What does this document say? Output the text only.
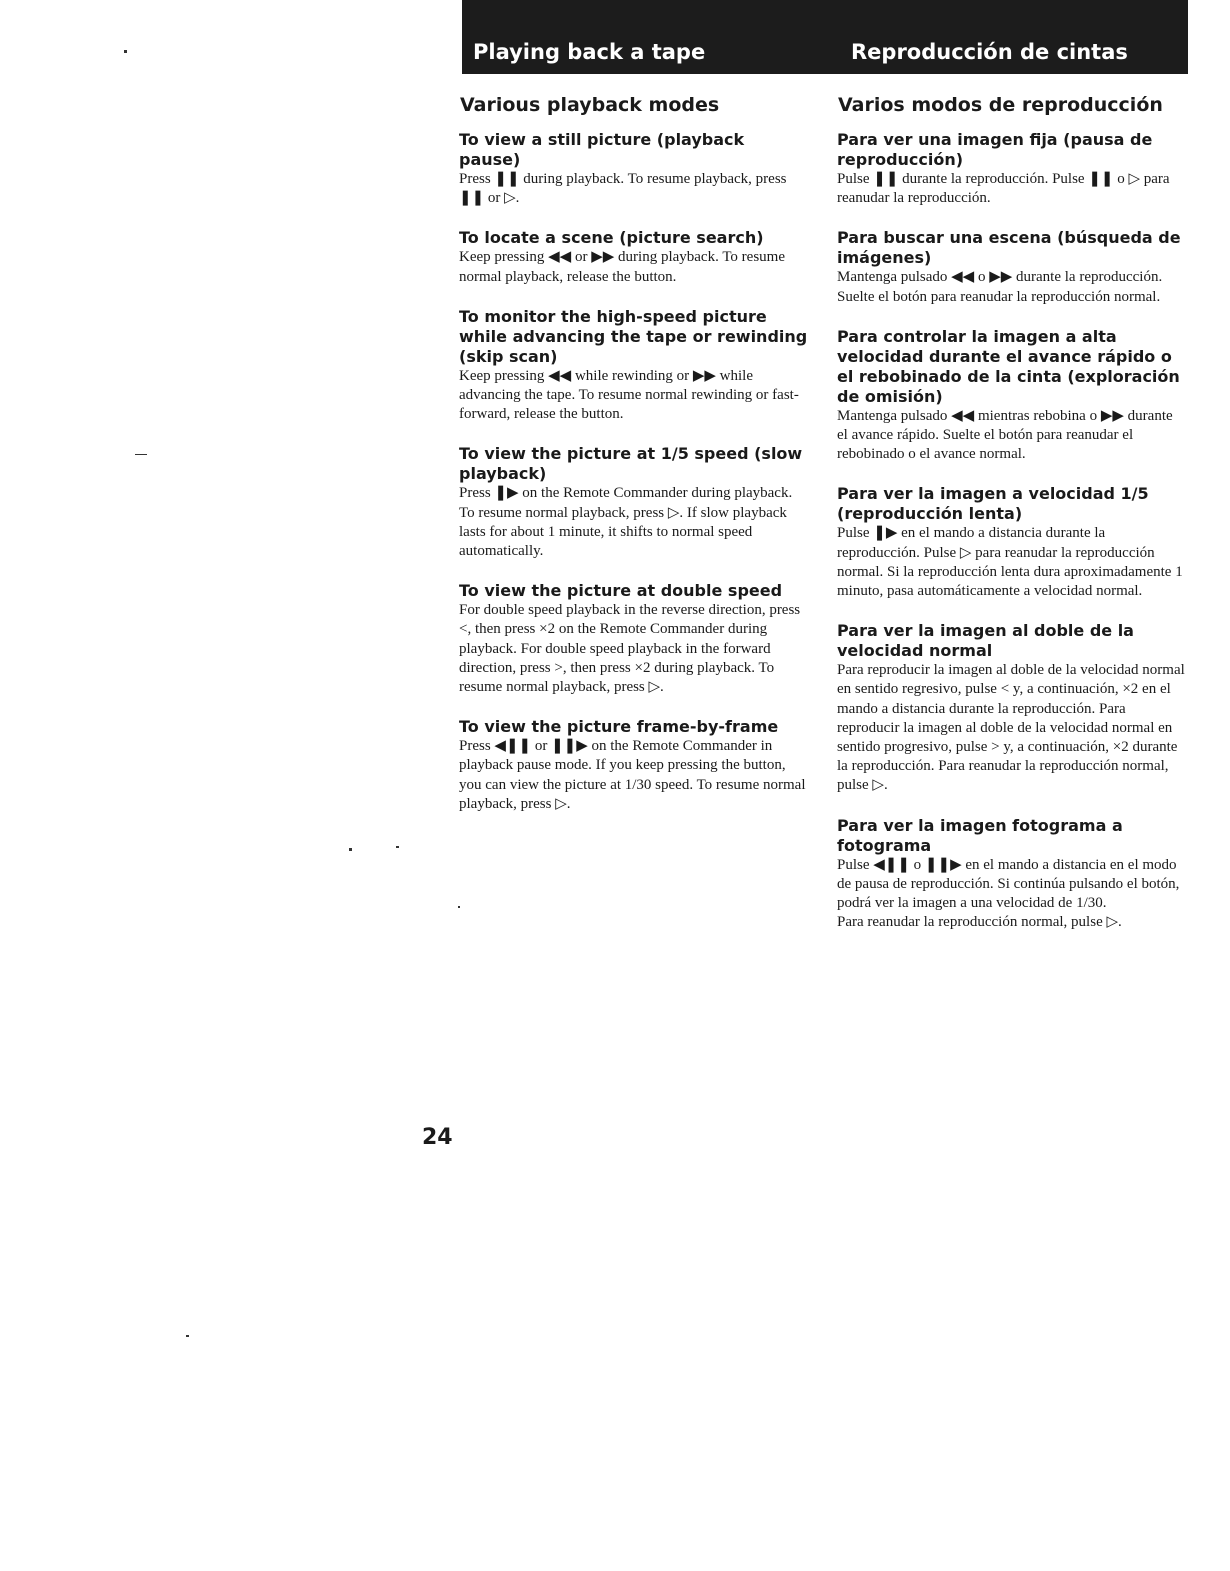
Playing back a tape	Reproducción de cintas
Various playback modes
To view a still picture (playback pause)

Press ❚❚ during playback. To resume playback, press ❚❚ or ▷.

To locate a scene (picture search)

Keep pressing ◀◀ or ▶▶ during playback. To resume normal playback, release the button.

To monitor the high-speed picture while advancing the tape or rewinding (skip scan)

Keep pressing ◀◀ while rewinding or ▶▶ while advancing the tape. To resume normal rewinding or fast-forward, release the button.

To view the picture at 1/5 speed (slow playback)

Press ❚▶ on the Remote Commander during playback. To resume normal playback, press ▷. If slow playback lasts for about 1 minute, it shifts to normal speed automatically.

To view the picture at double speed

For double speed playback in the reverse direction, press <, then press ×2 on the Remote Commander during playback. For double speed playback in the forward direction, press >, then press ×2 during playback. To resume normal playback, press ▷.

To view the picture frame-by-frame

Press ◀❚❚ or ❚❚▶ on the Remote Commander in playback pause mode. If you keep pressing the button, you can view the picture at 1/30 speed. To resume normal playback, press ▷.

Varios modos de reproducción
Para ver una imagen fija (pausa de reproducción)

Pulse ❚❚ durante la reproducción. Pulse ❚❚ o ▷ para reanudar la reproducción.

Para buscar una escena (búsqueda de imágenes)

Mantenga pulsado ◀◀ o ▶▶ durante la reproducción. Suelte el botón para reanudar la reproducción normal.

Para controlar la imagen a alta velocidad durante el avance rápido o el rebobinado de la cinta (exploración de omisión)

Mantenga pulsado ◀◀ mientras rebobina o ▶▶ durante el avance rápido. Suelte el botón para reanudar el rebobinado o el avance normal.

Para ver la imagen a velocidad 1/5 (reproducción lenta)

Pulse ❚▶ en el mando a distancia durante la reproducción. Pulse ▷ para reanudar la reproducción normal. Si la reproducción lenta dura aproximadamente 1 minuto, pasa automáticamente a velocidad normal.

Para ver la imagen al doble de la velocidad normal

Para reproducir la imagen al doble de la velocidad normal en sentido regresivo, pulse < y, a continuación, ×2 en el mando a distancia durante la reproducción. Para reproducir la imagen al doble de la velocidad normal en sentido progresivo, pulse > y, a continuación, ×2 durante la reproducción. Para reanudar la reproducción normal, pulse ▷.

Para ver la imagen fotograma a fotograma

Pulse ◀❚❚ o ❚❚▶ en el mando a distancia en el modo de pausa de reproducción. Si continúa pulsando el botón, podrá ver la imagen a una velocidad de 1/30.

Para reanudar la reproducción normal, pulse ▷.

24
